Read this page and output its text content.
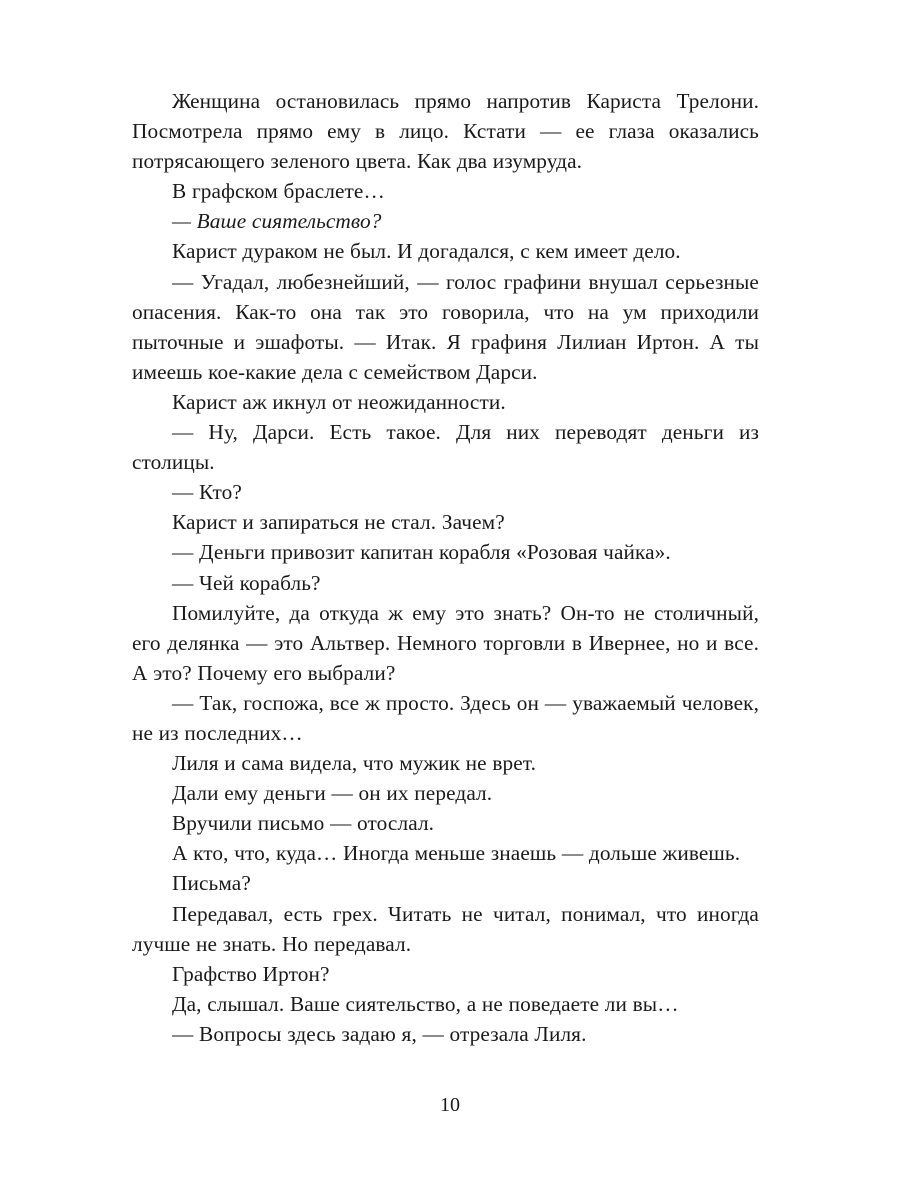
Женщина остановилась прямо напротив Кариста Трелони. Посмотрела прямо ему в лицо. Кстати — ее глаза оказались потрясающего зеленого цвета. Как два изумруда.

В графском браслете…

— Ваше сиятельство?

Карист дураком не был. И догадался, с кем имеет дело.

— Угадал, любезнейший, — голос графини внушал серьезные опасения. Как-то она так это говорила, что на ум приходили пыточные и эшафоты. — Итак. Я графиня Лилиан Иртон. А ты имеешь кое-какие дела с семейством Дарси.

Карист аж икнул от неожиданности.

— Ну, Дарси. Есть такое. Для них переводят деньги из столицы.

— Кто?

Карист и запираться не стал. Зачем?

— Деньги привозит капитан корабля «Розовая чайка».

— Чей корабль?

Помилуйте, да откуда ж ему это знать? Он-то не столичный, его делянка — это Альтвер. Немного торговли в Ивернее, но и все. А это? Почему его выбрали?

— Так, госпожа, все ж просто. Здесь он — уважаемый человек, не из последних…

Лиля и сама видела, что мужик не врет.

Дали ему деньги — он их передал.

Вручили письмо — отослал.

А кто, что, куда… Иногда меньше знаешь — дольше живешь.

Письма?

Передавал, есть грех. Читать не читал, понимал, что иногда лучше не знать. Но передавал.

Графство Иртон?

Да, слышал. Ваше сиятельство, а не поведаете ли вы…

— Вопросы здесь задаю я, — отрезала Лиля.

10
